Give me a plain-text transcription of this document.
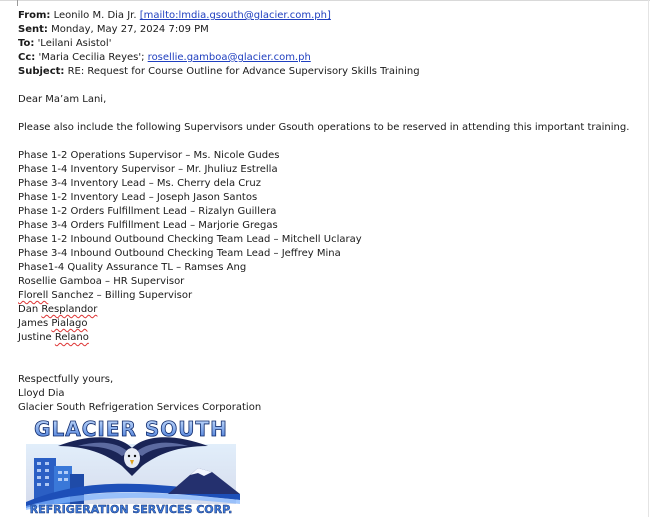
From: Leonilo M. Dia Jr. [mailto:lmdia.gsouth@glacier.com.ph]
Sent: Monday, May 27, 2024 7:09 PM
To: 'Leilani Asistol'
Cc: 'Maria Cecilia Reyes'; rosellie.gamboa@glacier.com.ph
Subject: RE: Request for Course Outline for Advance Supervisory Skills Training
Dear Ma’am Lani,
Please also include the following Supervisors under Gsouth operations to be reserved in attending this important training.
Phase 1-2 Operations Supervisor – Ms. Nicole Gudes
Phase 1-4 Inventory Supervisor – Mr. Jhuliuz Estrella
Phase 3-4 Inventory Lead – Ms. Cherry dela Cruz
Phase 1-2 Inventory Lead – Joseph Jason Santos
Phase 1-2 Orders Fulfillment Lead – Rizalyn Guillera
Phase 3-4 Orders Fulfillment Lead – Marjorie Gregas
Phase 1-2 Inbound Outbound Checking Team Lead – Mitchell Uclaray
Phase 3-4 Inbound Outbound Checking Team Lead – Jeffrey Mina
Phase1-4 Quality Assurance TL – Ramses Ang
Rosellie Gamboa – HR Supervisor
Florell Sanchez – Billing Supervisor
Dan Resplandor
James Pialago
Justine Relano
Respectfully yours,
Lloyd Dia
Glacier South Refrigeration Services Corporation
GLACIER SOUTH
REFRIGERATION SERVICES CORP.
